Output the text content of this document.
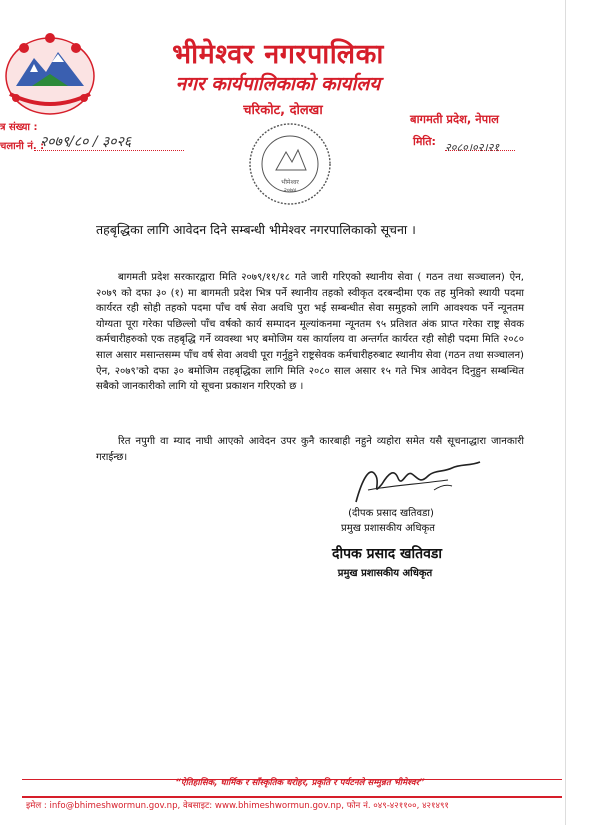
भीमेश्वर नगरपालिका
नगर कार्यपालिकाको कार्यालय
चरिकोट, दोलखा
बागमती प्रदेश, नेपाल
त्र संख्या :
चलानी नं. :
२०७९/८० / ३०२६	मिति: २०८०।०२।२१
भीमेश्वर
२०७४
तहबृद्धिका लागि आवेदन दिने सम्बन्धी भीमेश्वर नगरपालिकाको सूचना ।
बागमती प्रदेश सरकारद्वारा मिति २०७९/११/१८ गते जारी गरिएको स्थानीय सेवा ( गठन तथा सञ्चालन) ऐन, २०७९ को दफा ३० (१) मा बागमती प्रदेश भित्र पर्ने स्थानीय तहको स्वीकृत दरबन्दीमा एक तह मुनिको स्थायी पदमा कार्यरत रही सोही तहको पदमा पाँच वर्ष सेवा अवधि पुरा भई सम्बन्धीत सेवा समुहको लागि आवश्यक पर्ने न्यूनतम योग्यता पूरा गरेका पछिल्लो पाँच वर्षको कार्य सम्पादन मूल्यांकनमा न्यूनतम ९५ प्रतिशत अंक प्राप्त गरेका राष्ट्र सेवक कर्मचारीहरुको एक तहबृद्धि गर्ने व्यवस्था भए बमोजिम यस कार्यालय वा अन्तर्गत कार्यरत रही सोही पदमा मिति २०८० साल असार मसान्तसम्म पाँच वर्ष सेवा अवधी पूरा गर्नुहुने राष्ट्रसेवक कर्मचारीहरुबाट स्थानीय सेवा (गठन तथा सञ्चालन) ऐन, २०७९'को दफा ३० बमोजिम तहबृद्धिका लागि मिति २०८० साल असार १५ गते भित्र आवेदन दिनुहुन सम्बन्धित सबैको जानकारीको लागि यो सूचना प्रकाशन गरिएको छ ।
रित नपुगी वा म्याद नाघी आएको आवेदन उपर कुनै कारबाही नहुने व्यहोरा समेत यसै सूचनाद्धारा जानकारी गराईन्छ।
(दीपक प्रसाद खतिवडा)
प्रमुख प्रशासकीय अधिकृत
दीपक प्रसाद खतिवडा
प्रमुख प्रशासकीय अधिकृत
“ऐतिहासिक, धार्मिक र साँस्कृतिक धरोहर, प्रकृति र पर्यटनले सम्मुन्नत भीमेश्वर”
इमेल : info@bhimeshwormun.gov.np, वेबसाइट: www.bhimeshwormun.gov.np, फोन नं. ०४९-४२११००, ४२१४९१
